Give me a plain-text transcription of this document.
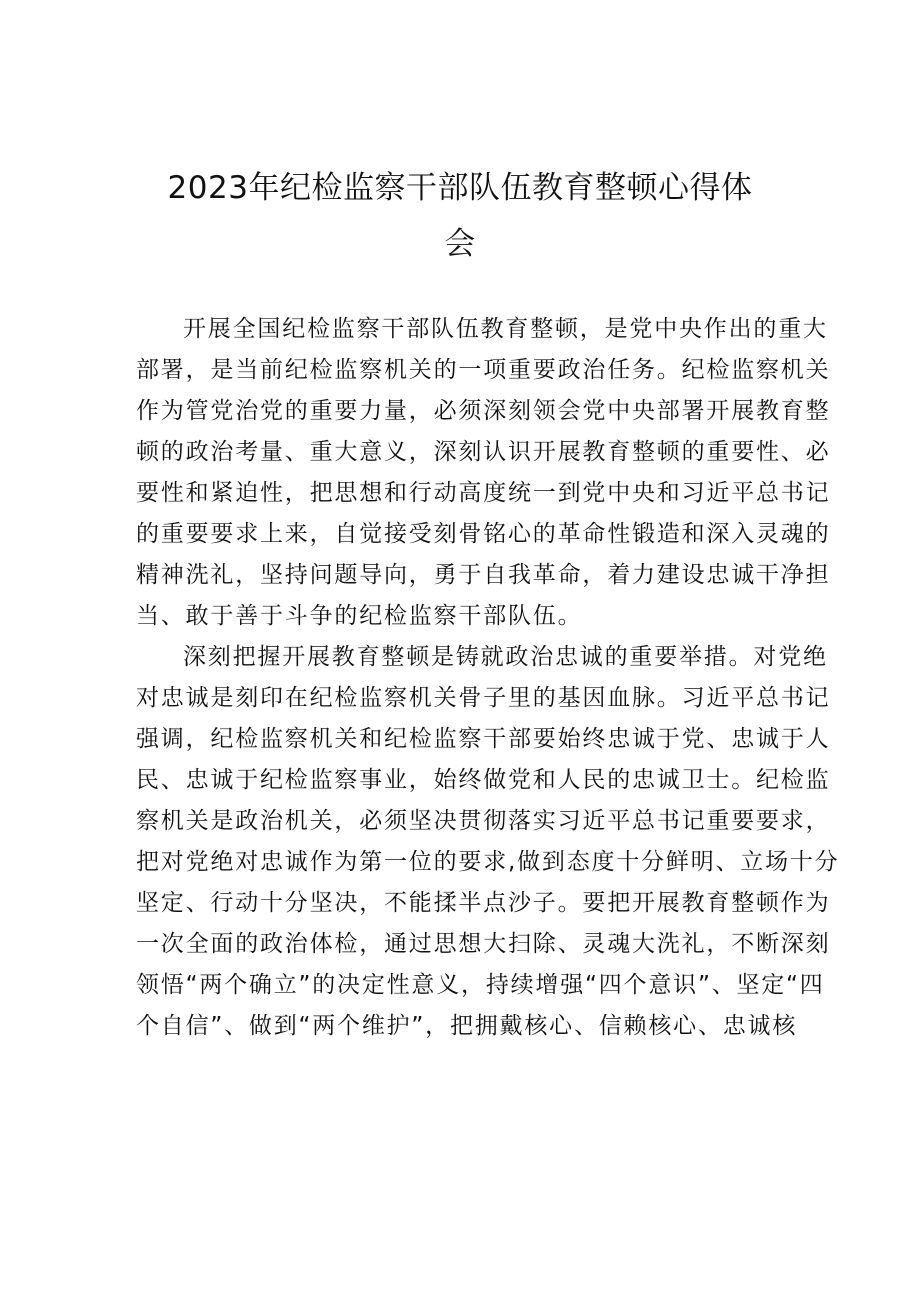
2023年纪检监察干部队伍教育整顿心得体
会

开展全国纪检监察干部队伍教育整顿，是党中央作出的重大
部署，是当前纪检监察机关的一项重要政治任务。纪检监察机关
作为管党治党的重要力量，必须深刻领会党中央部署开展教育整
顿的政治考量、重大意义，深刻认识开展教育整顿的重要性、必
要性和紧迫性，把思想和行动高度统一到党中央和习近平总书记
的重要要求上来，自觉接受刻骨铭心的革命性锻造和深入灵魂的
精神洗礼，坚持问题导向，勇于自我革命，着力建设忠诚干净担
当、敢于善于斗争的纪检监察干部队伍。

深刻把握开展教育整顿是铸就政治忠诚的重要举措。对党绝
对忠诚是刻印在纪检监察机关骨子里的基因血脉。习近平总书记
强调，纪检监察机关和纪检监察干部要始终忠诚于党、忠诚于人
民、忠诚于纪检监察事业，始终做党和人民的忠诚卫士。纪检监
察机关是政治机关，必须坚决贯彻落实习近平总书记重要要求，
把对党绝对忠诚作为第一位的要求,做到态度十分鲜明、立场十分
坚定、行动十分坚决，不能揉半点沙子。要把开展教育整顿作为
一次全面的政治体检，通过思想大扫除、灵魂大洗礼，不断深刻
领悟“两个确立”的决定性意义，持续增强“四个意识”、坚定“四
个自信”、做到“两个维护”，把拥戴核心、信赖核心、忠诚核
